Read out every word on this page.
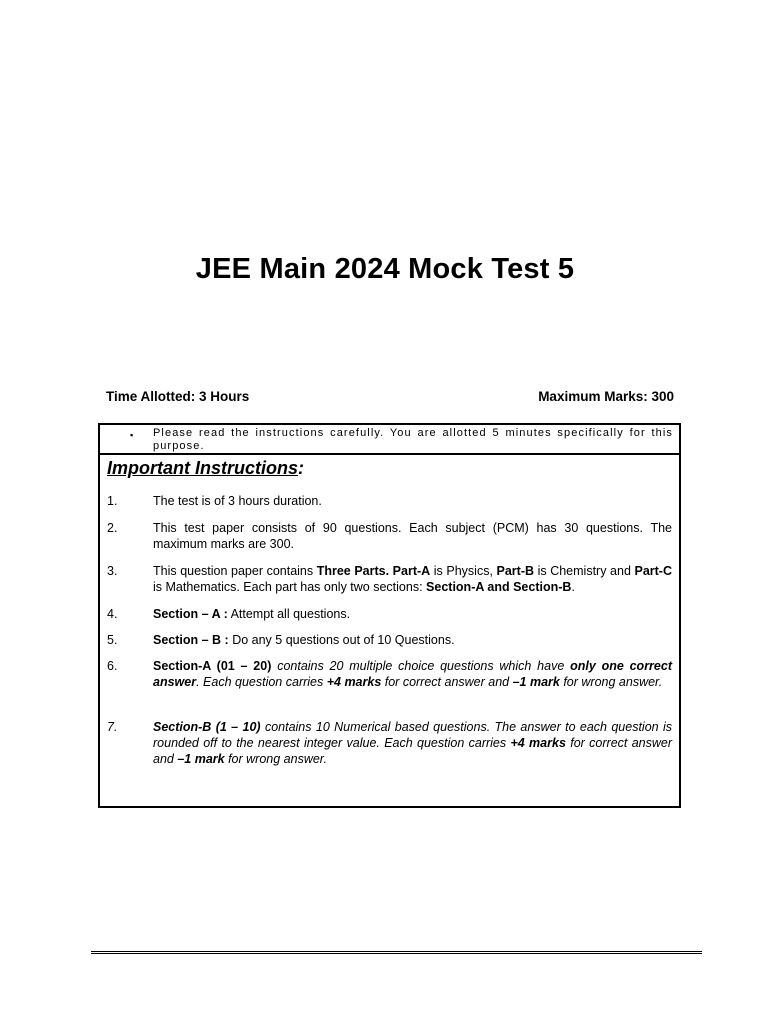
JEE Main 2024 Mock Test 5
Time Allotted: 3 Hours	Maximum Marks: 300
▪ Please read the instructions carefully. You are allotted 5 minutes specifically for this purpose.
Important Instructions:
1.	The test is of 3 hours duration.
2.	This test paper consists of 90 questions. Each subject (PCM) has 30 questions. The maximum marks are 300.
3.	This question paper contains Three Parts. Part-A is Physics, Part-B is Chemistry and Part-C is Mathematics. Each part has only two sections: Section-A and Section-B.
4.	Section – A : Attempt all questions.
5.	Section – B : Do any 5 questions out of 10 Questions.
6.	Section-A (01 – 20) contains 20 multiple choice questions which have only one correct answer. Each question carries +4 marks for correct answer and –1 mark for wrong answer.
7.	Section-B (1 – 10) contains 10 Numerical based questions. The answer to each question is rounded off to the nearest integer value. Each question carries +4 marks for correct answer and –1 mark for wrong answer.
